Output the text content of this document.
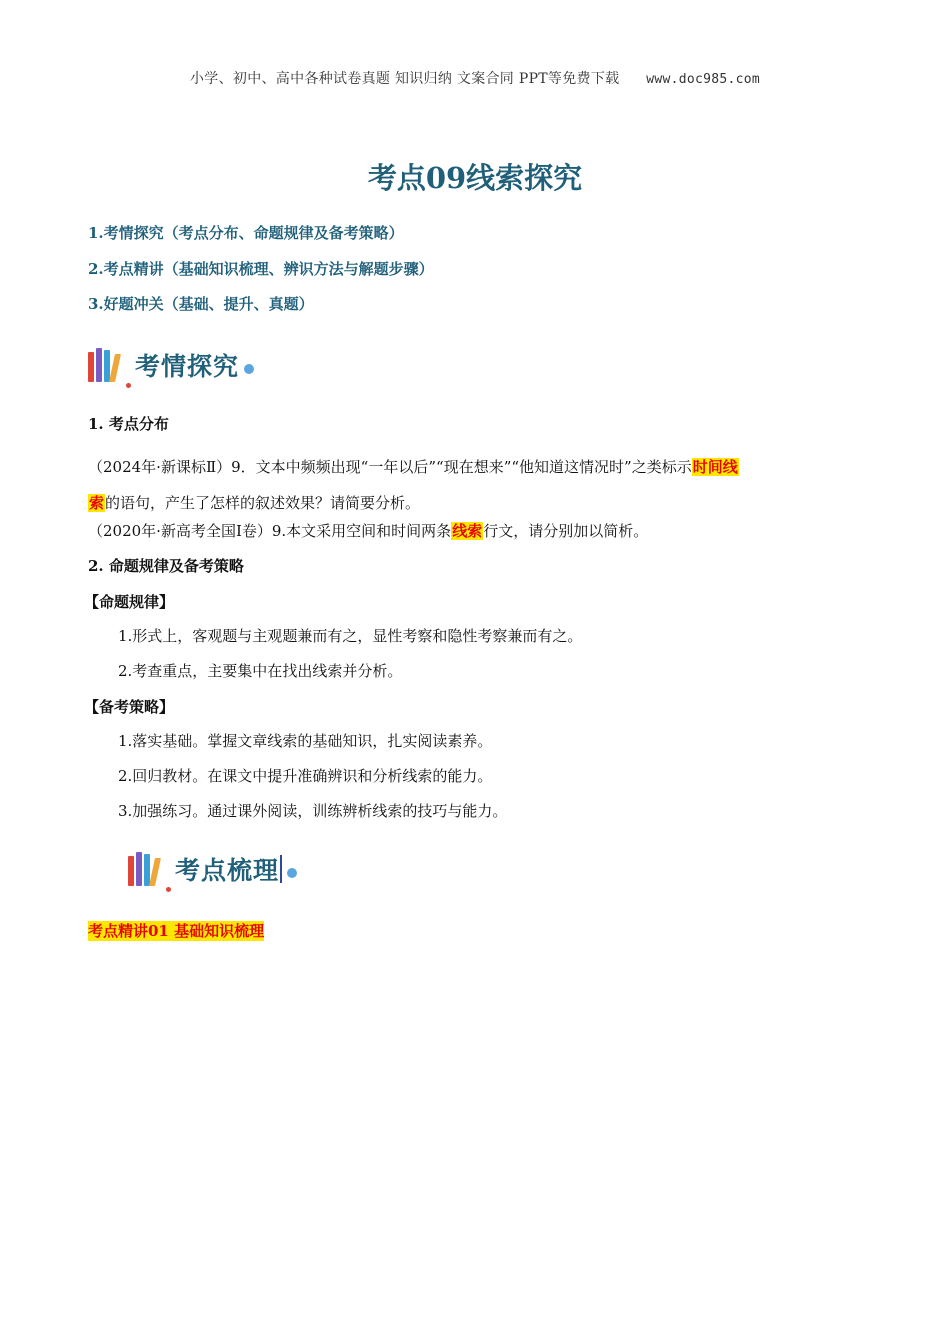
小学、初中、高中各种试卷真题 知识归纳 文案合同 PPT等免费下载 www.doc985.com
考点09线索探究
1.考情探究（考点分布、命题规律及备考策略）
2.考点精讲（基础知识梳理、辨识方法与解题步骤）
3.好题冲关（基础、提升、真题）
考情探究
1. 考点分布
（2024年·新课标Ⅱ）9．文本中频频出现“一年以后”“现在想来”“他知道这情况时”之类标示时间线
索的语句，产生了怎样的叙述效果？请简要分析。
（2020年·新高考全国Ⅰ卷）9.本文采用空间和时间两条线索行文，请分别加以简析。
2. 命题规律及备考策略
【命题规律】
1.形式上，客观题与主观题兼而有之，显性考察和隐性考察兼而有之。
2.考查重点，主要集中在找出线索并分析。
【备考策略】
1.落实基础。掌握文章线索的基础知识，扎实阅读素养。
2.回归教材。在课文中提升准确辨识和分析线索的能力。
3.加强练习。通过课外阅读，训练辨析线索的技巧与能力。
考点梳理
考点精讲01 基础知识梳理
